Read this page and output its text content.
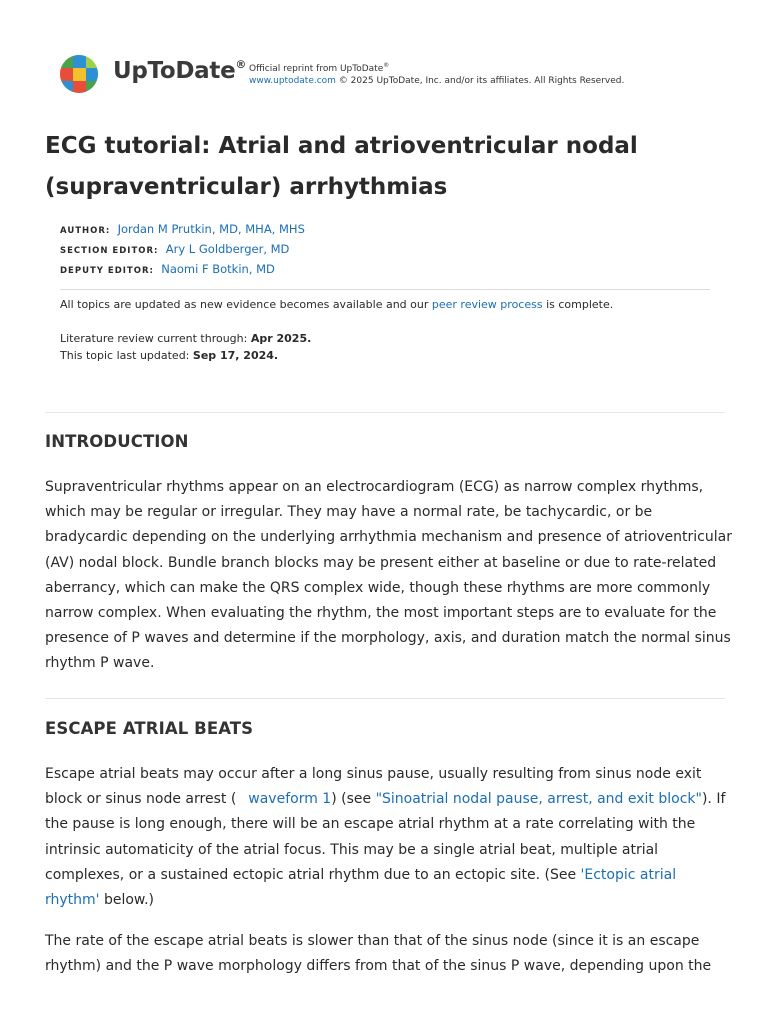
UpToDate® Official reprint from UpToDate®
www.uptodate.com © 2025 UpToDate, Inc. and/or its affiliates. All Rights Reserved.
ECG tutorial: Atrial and atrioventricular nodal (supraventricular) arrhythmias
AUTHOR: Jordan M Prutkin, MD, MHA, MHS
SECTION EDITOR: Ary L Goldberger, MD
DEPUTY EDITOR: Naomi F Botkin, MD
All topics are updated as new evidence becomes available and our peer review process is complete.
Literature review current through: Apr 2025.
This topic last updated: Sep 17, 2024.
INTRODUCTION

Supraventricular rhythms appear on an electrocardiogram (ECG) as narrow complex rhythms, which may be regular or irregular. They may have a normal rate, be tachycardic, or be bradycardic depending on the underlying arrhythmia mechanism and presence of atrioventricular (AV) nodal block. Bundle branch blocks may be present either at baseline or due to rate-related aberrancy, which can make the QRS complex wide, though these rhythms are more commonly narrow complex. When evaluating the rhythm, the most important steps are to evaluate for the presence of P waves and determine if the morphology, axis, and duration match the normal sinus rhythm P wave.

ESCAPE ATRIAL BEATS

Escape atrial beats may occur after a long sinus pause, usually resulting from sinus node exit block or sinus node arrest ( waveform 1) (see "Sinoatrial nodal pause, arrest, and exit block"). If the pause is long enough, there will be an escape atrial rhythm at a rate correlating with the intrinsic automaticity of the atrial focus. This may be a single atrial beat, multiple atrial complexes, or a sustained ectopic atrial rhythm due to an ectopic site. (See 'Ectopic atrial rhythm' below.)

The rate of the escape atrial beats is slower than that of the sinus node (since it is an escape rhythm) and the P wave morphology differs from that of the sinus P wave, depending upon the
